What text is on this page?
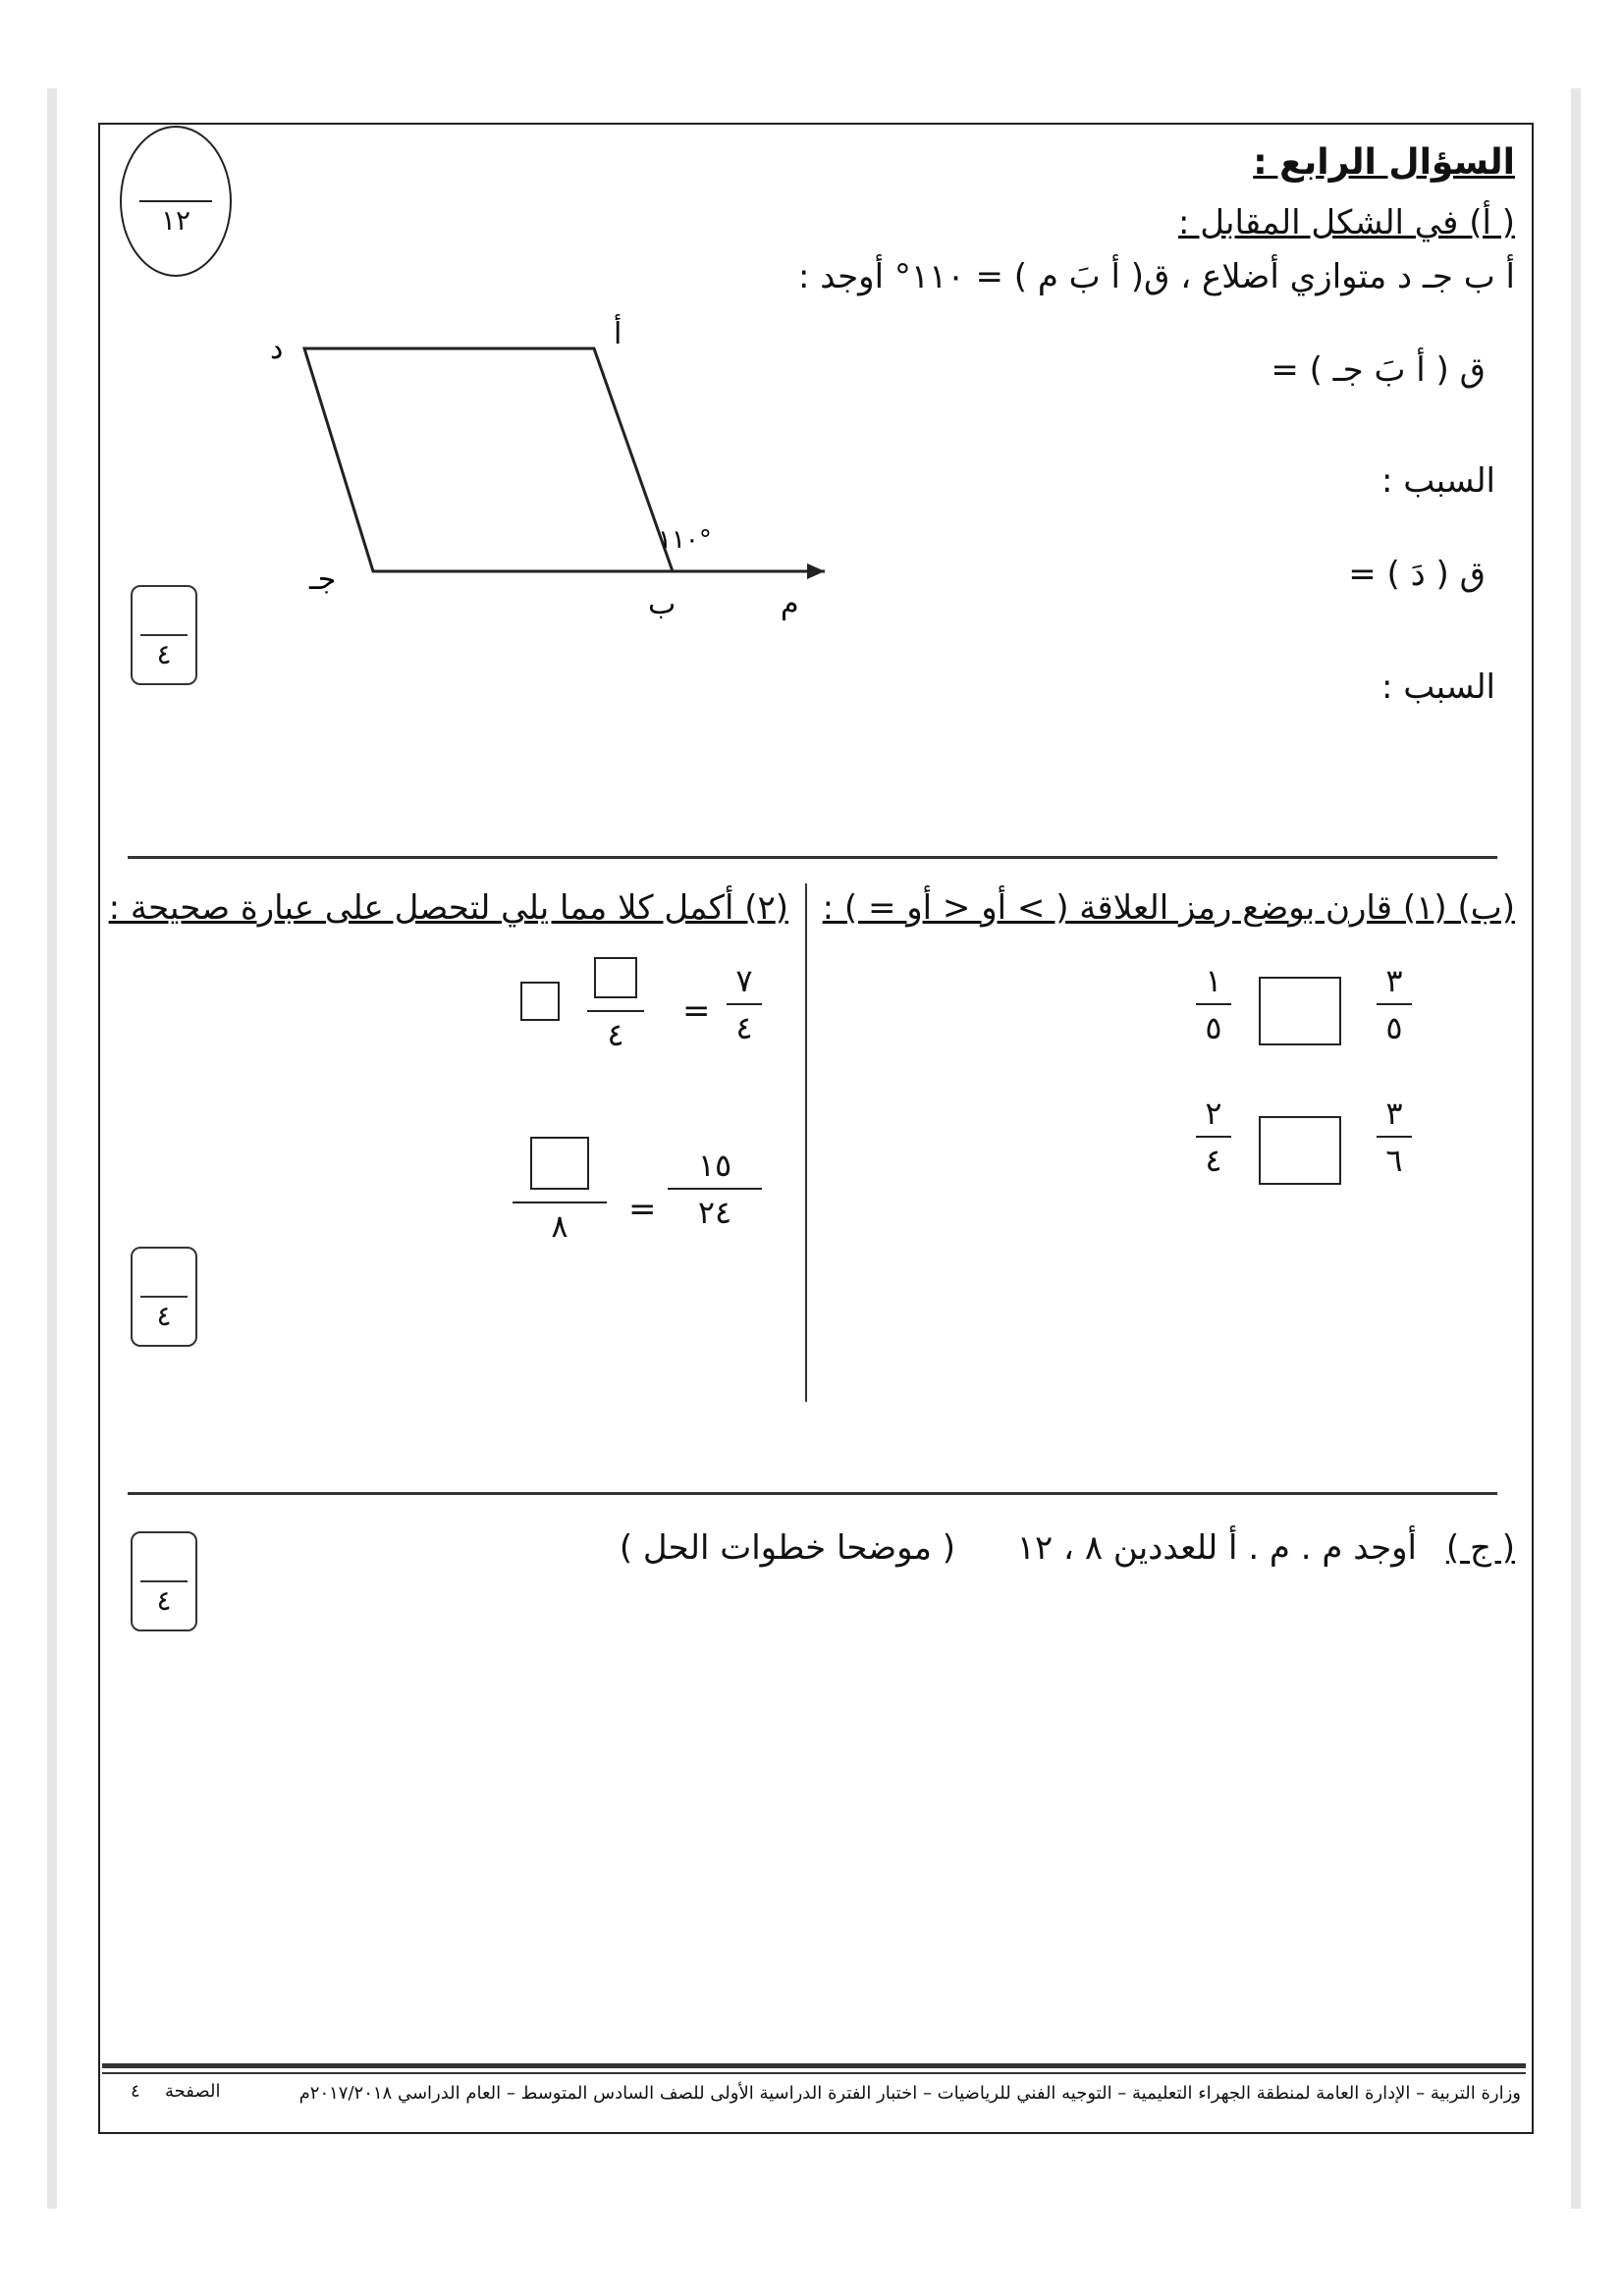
١٢
السؤال الرابع :
( أ) في الشكل المقابل :
أ ب جـ د متوازي أضلاع ، ق( أ بَ م ) = ١١٠° أوجد :
ق ( أ بَ جـ ) =
السبب :
ق ( دَ ) =
السبب :
أ
د
ب
جـ
م
١١٠°
٤
(ب) (١) قارن بوضع رمز العلاقة ( > أو < أو = ) :
(٢) أكمل كلا مما يلي لتحصل على عبارة صحيحة :
٣
٥
١
٥
٣
٦
٢
٤
٧
٤
=
٤
١٥
٢٤
=
٨
٤
( ج )
أوجد م . م . أ للعددين ٨ ، ١٢
( موضحا خطوات الحل )
٤
وزارة التربية – الإدارة العامة لمنطقة الجهراء التعليمية – التوجيه الفني للرياضيات – اختبار الفترة الدراسية الأولى للصف السادس المتوسط – العام الدراسي ٢٠١٧/٢٠١٨م
الصفحة
٤
